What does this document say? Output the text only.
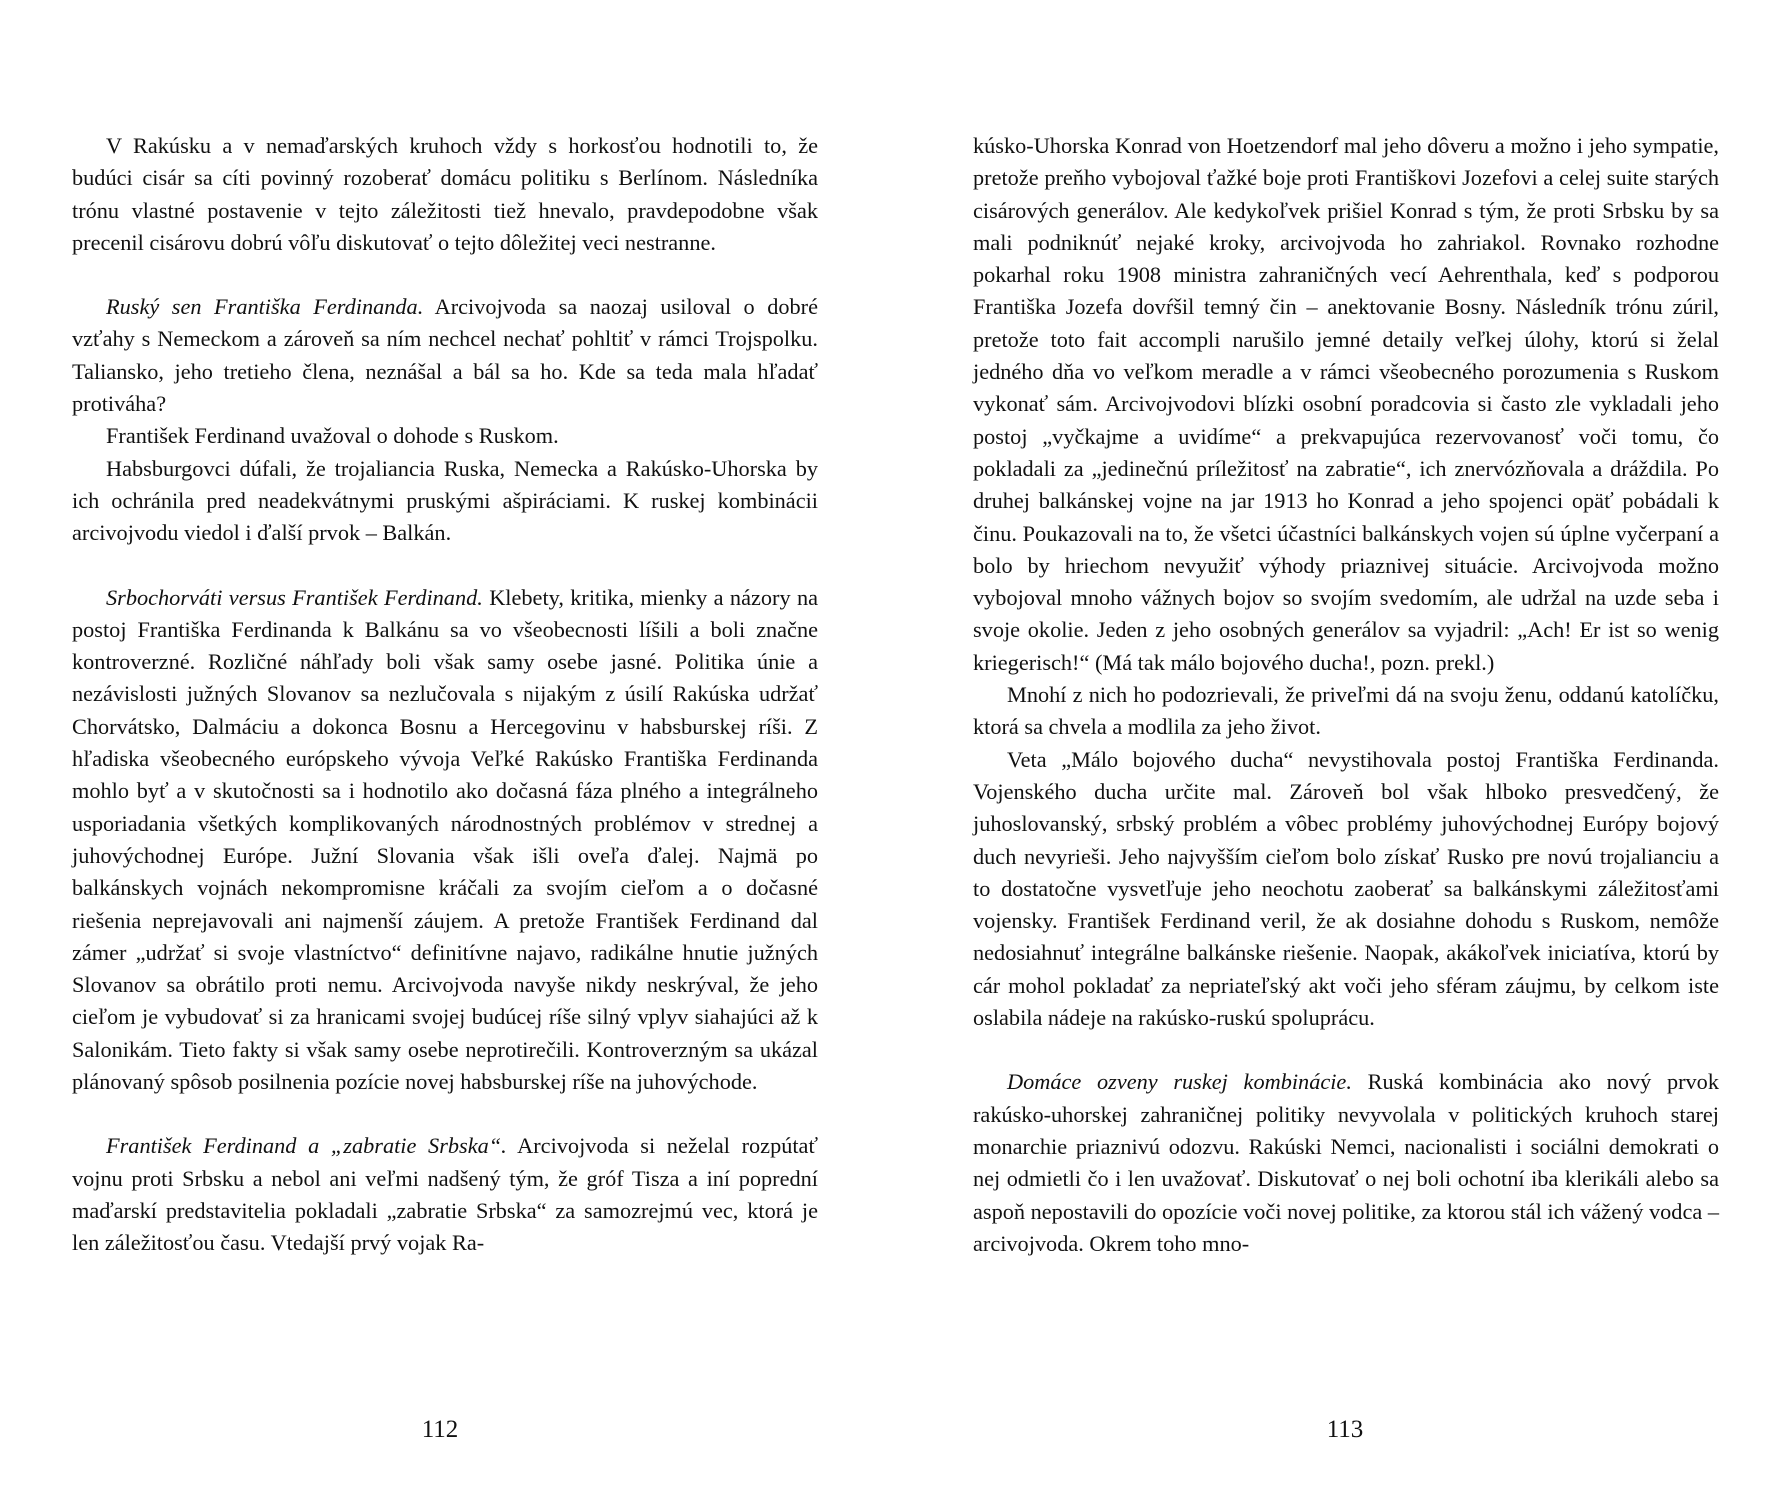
V Rakúsku a v nemaďarských kruhoch vždy s horkosťou hodnotili to, že budúci cisár sa cíti povinný rozoberať domácu politiku s Berlínom. Následníka trónu vlastné postavenie v tejto záležitosti tiež hnevalo, pravdepodobne však precenil cisárovu dobrú vôľu diskutovať o tejto dôležitej veci nestranne.

Ruský sen Františka Ferdinanda. Arcivojvoda sa naozaj usiloval o dobré vzťahy s Nemeckom a zároveň sa ním nechcel nechať pohltiť v rámci Trojspolku. Taliansko, jeho tretieho člena, neznášal a bál sa ho. Kde sa teda mala hľadať protiváha?

František Ferdinand uvažoval o dohode s Ruskom.

Habsburgovci dúfali, že trojaliancia Ruska, Nemecka a Rakúsko-Uhorska by ich ochránila pred neadekvátnymi pruskými ašpiráciami. K ruskej kombinácii arcivojvodu viedol i ďalší prvok – Balkán.

Srbochorváti versus František Ferdinand. Klebety, kritika, mienky a názory na postoj Františka Ferdinanda k Balkánu sa vo všeobecnosti líšili a boli značne kontroverzné. Rozličné náhľady boli však samy osebe jasné. Politika únie a nezávislosti južných Slovanov sa nezlučovala s nijakým z úsilí Rakúska udržať Chorvátsko, Dalmáciu a dokonca Bosnu a Hercegovinu v habsburskej ríši. Z hľadiska všeobecného európskeho vývoja Veľké Rakúsko Františka Ferdinanda mohlo byť a v skutočnosti sa i hodnotilo ako dočasná fáza plného a integrálneho usporiadania všetkých komplikovaných národnostných problémov v strednej a juhovýchodnej Európe. Južní Slovania však išli oveľa ďalej. Najmä po balkánskych vojnách nekompromisne kráčali za svojím cieľom a o dočasné riešenia neprejavovali ani najmenší záujem. A pretože František Ferdinand dal zámer „udržať si svoje vlastníctvo“ definitívne najavo, radikálne hnutie južných Slovanov sa obrátilo proti nemu. Arcivojvoda navyše nikdy neskrýval, že jeho cieľom je vybudovať si za hranicami svojej budúcej ríše silný vplyv siahajúci až k Salonikám. Tieto fakty si však samy osebe neprotirečili. Kontroverzným sa ukázal plánovaný spôsob posilnenia pozície novej habsburskej ríše na juhovýchode.

František Ferdinand a „zabratie Srbska“. Arcivojvoda si neželal rozpútať vojnu proti Srbsku a nebol ani veľmi nadšený tým, že gróf Tisza a iní poprední maďarskí predstavitelia pokladali „zabratie Srbska“ za samozrejmú vec, ktorá je len záležitosťou času. Vtedajší prvý vojak Ra-

112

kúsko-Uhorska Konrad von Hoetzendorf mal jeho dôveru a možno i jeho sympatie, pretože preňho vybojoval ťažké boje proti Františkovi Jozefovi a celej suite starých cisárových generálov. Ale kedykoľvek prišiel Konrad s tým, že proti Srbsku by sa mali podniknúť nejaké kroky, arcivojvoda ho zahriakol. Rovnako rozhodne pokarhal roku 1908 ministra zahraničných vecí Aehrenthala, keď s podporou Františka Jozefa dovŕšil temný čin – anektovanie Bosny. Následník trónu zúril, pretože toto fait accompli narušilo jemné detaily veľkej úlohy, ktorú si želal jedného dňa vo veľkom meradle a v rámci všeobecného porozumenia s Ruskom vykonať sám. Arcivojvodovi blízki osobní poradcovia si často zle vykladali jeho postoj „vyčkajme a uvidíme“ a prekvapujúca rezervovanosť voči tomu, čo pokladali za „jedinečnú príležitosť na zabratie“, ich znervózňovala a dráždila. Po druhej balkánskej vojne na jar 1913 ho Konrad a jeho spojenci opäť pobádali k činu. Poukazovali na to, že všetci účastníci balkánskych vojen sú úplne vyčerpaní a bolo by hriechom nevyužiť výhody priaznivej situácie. Arcivojvoda možno vybojoval mnoho vážnych bojov so svojím svedomím, ale udržal na uzde seba i svoje okolie. Jeden z jeho osobných generálov sa vyjadril: „Ach! Er ist so wenig kriegerisch!“ (Má tak málo bojového ducha!, pozn. prekl.)

Mnohí z nich ho podozrievali, že priveľmi dá na svoju ženu, oddanú katolíčku, ktorá sa chvela a modlila za jeho život.

Veta „Málo bojového ducha“ nevystihovala postoj Františka Ferdinanda. Vojenského ducha určite mal. Zároveň bol však hlboko presvedčený, že juhoslovanský, srbský problém a vôbec problémy juhovýchodnej Európy bojový duch nevyrieši. Jeho najvyšším cieľom bolo získať Rusko pre novú trojalianciu a to dostatočne vysvetľuje jeho neochotu zaoberať sa balkánskymi záležitosťami vojensky. František Ferdinand veril, že ak dosiahne dohodu s Ruskom, nemôže nedosiahnuť integrálne balkánske riešenie. Naopak, akákoľvek iniciatíva, ktorú by cár mohol pokladať za nepriateľský akt voči jeho sféram záujmu, by celkom iste oslabila nádeje na rakúsko-ruskú spoluprácu.

Domáce ozveny ruskej kombinácie. Ruská kombinácia ako nový prvok rakúsko-uhorskej zahraničnej politiky nevyvolala v politických kruhoch starej monarchie priaznivú odozvu. Rakúski Nemci, nacionalisti i sociálni demokrati o nej odmietli čo i len uvažovať. Diskutovať o nej boli ochotní iba klerikáli alebo sa aspoň nepostavili do opozície voči novej politike, za ktorou stál ich vážený vodca – arcivojvoda. Okrem toho mno-

113
